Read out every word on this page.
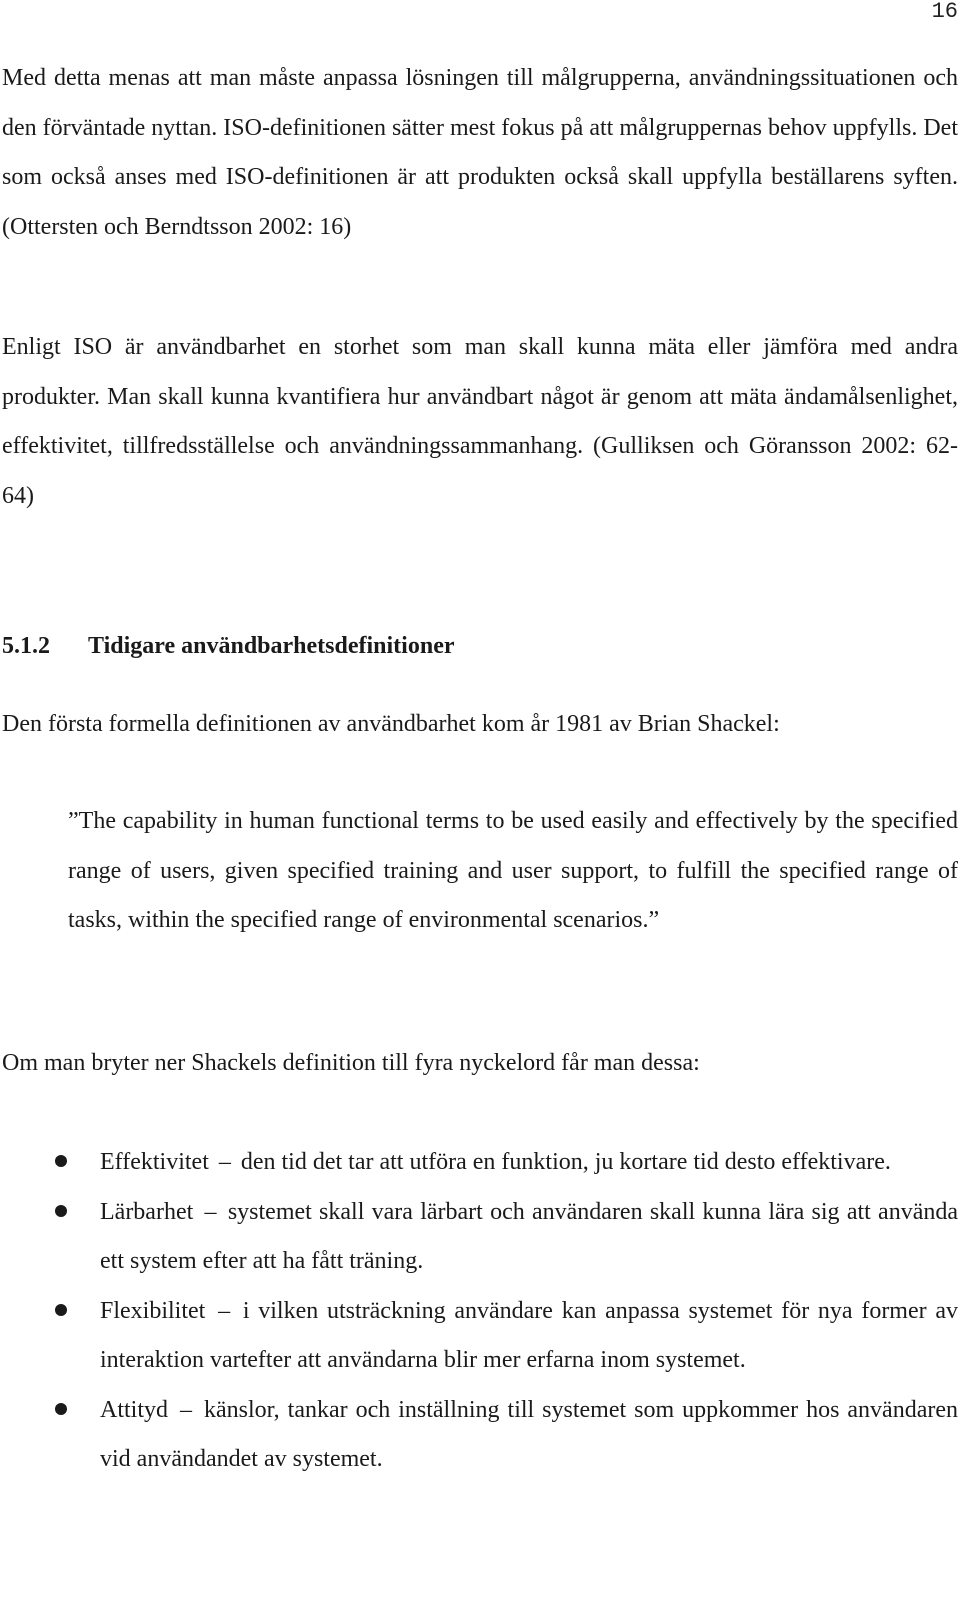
16

Med detta menas att man måste anpassa lösningen till målgrupperna, användningssituationen och den förväntade nyttan. ISO-definitionen sätter mest fokus på att målgruppernas behov uppfylls. Det som också anses med ISO-definitionen är att produkten också skall uppfylla beställarens syften. (Ottersten och Berndtsson 2002: 16)

Enligt ISO är användbarhet en storhet som man skall kunna mäta eller jämföra med andra produkter. Man skall kunna kvantifiera hur användbart något är genom att mäta ändamålsenlighet, effektivitet, tillfredsställelse och användningssammanhang. (Gulliksen och Göransson 2002: 62-64)

5.1.2 Tidigare användbarhetsdefinitioner

Den första formella definitionen av användbarhet kom år 1981 av Brian Shackel:

”The capability in human functional terms to be used easily and effectively by the specified range of users, given specified training and user support, to fulfill the specified range of tasks, within the specified range of environmental scenarios.”

Om man bryter ner Shackels definition till fyra nyckelord får man dessa:

Effektivitet – den tid det tar att utföra en funktion, ju kortare tid desto effektivare.
Lärbarhet – systemet skall vara lärbart och användaren skall kunna lära sig att använda ett system efter att ha fått träning.
Flexibilitet – i vilken utsträckning användare kan anpassa systemet för nya former av interaktion vartefter att användarna blir mer erfarna inom systemet.
Attityd – känslor, tankar och inställning till systemet som uppkommer hos användaren vid användandet av systemet.
